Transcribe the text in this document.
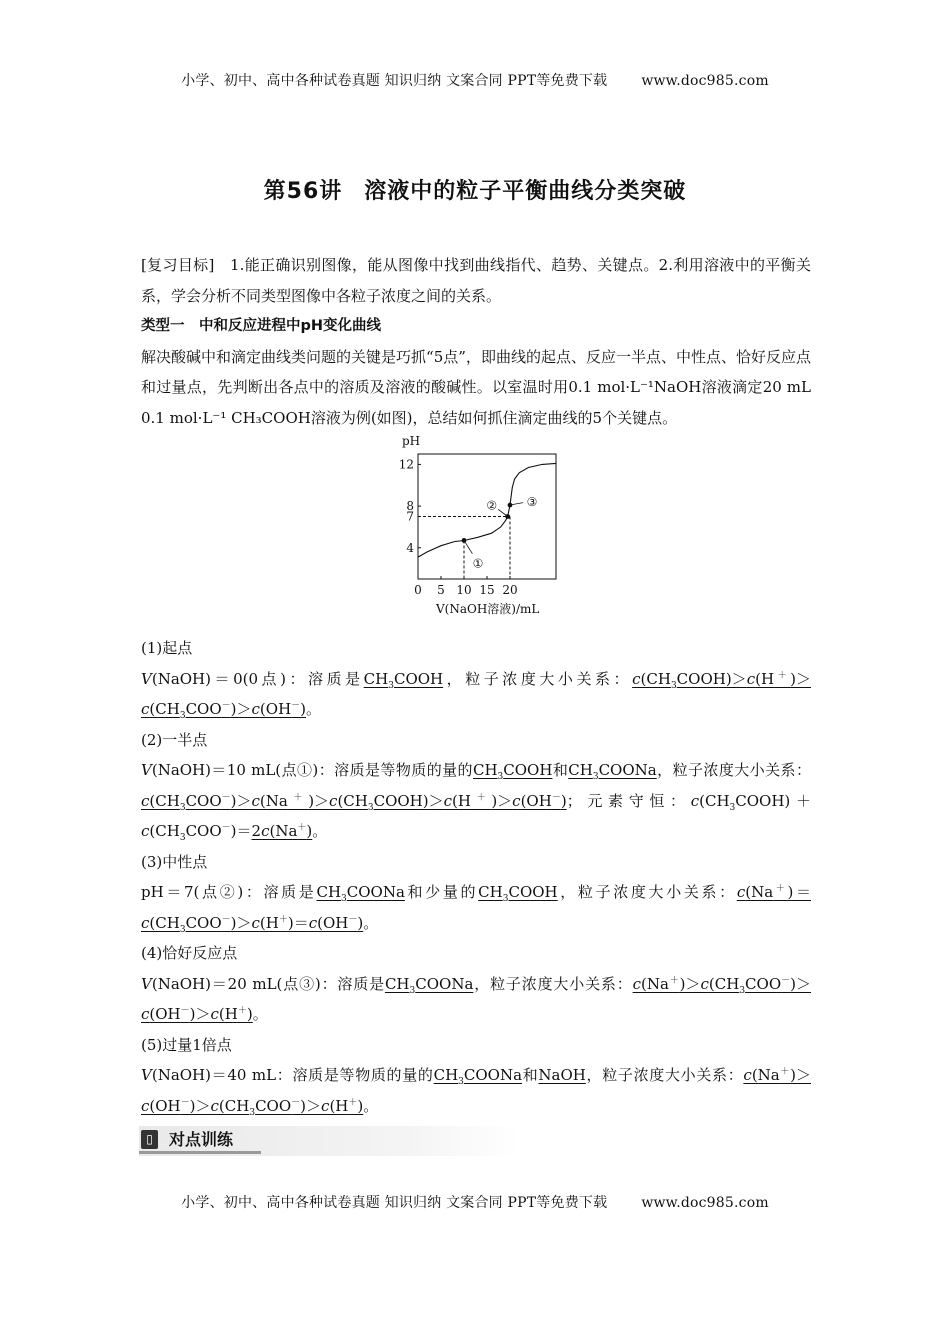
小学、初中、高中各种试卷真题 知识归纳 文案合同 PPT等免费下载 www.doc985.com
第56讲 溶液中的粒子平衡曲线分类突破

[复习目标]　 1.能正确识别图像，能从图像中找到曲线指代、趋势、关键点。2.利用溶液中的平衡关系，学会分析不同类型图像中各粒子浓度之间的关系。

类型一　中和反应进程中pH变化曲线

解决酸碱中和滴定曲线类问题的关键是巧抓“5点”，即曲线的起点、反应一半点、中性点、恰好反应点和过量点，先判断出各点中的溶质及溶液的酸碱性。以室温时用0.1 mol·L⁻¹NaOH溶液滴定20 mL 0.1 mol·L⁻¹ CH₃COOH溶液为例(如图)，总结如何抓住滴定曲线的5个关键点。

0 5 10 15 20
4
7
8
12
①
② ③
pH
V(NaOH溶液)/mL

(1)起点

V(NaOH)＝0(0点)：溶质是$CH_3COOH$，粒子浓度大小关系：$c(CH_3COOH)>c(H^+)>c(CH_3COO^-)>c(OH^-)$。

(2)一半点

V(NaOH)＝10 mL(点①)：溶质是等物质的量的$CH_3COOH$和$CH_3COONa$，粒子浓度大小关系：$c(CH_3COO^-)>c(Na^+)>c(CH_3COOH)>c(H^+)>c(OH^-)$；元素守恒：$c(CH_3COOH)+c(CH_3COO^-)=2c(Na^+)$。

(3)中性点

pH＝7(点②)：溶质是$CH_3COONa$和少量的$CH_3COOH$，粒子浓度大小关系：$c(Na^+)=c(CH_3COO^-)>c(H^+)=c(OH^-)$。

(4)恰好反应点

V(NaOH)＝20 mL(点③)：溶质是$CH_3COONa$，粒子浓度大小关系：$c(Na^+)>c(CH_3COO^-)>c(OH^-)>c(H^+)$。

(5)过量1倍点

V(NaOH)＝40 mL：溶质是等物质的量的$CH_3COONa$和NaOH，粒子浓度大小关系：$c(Na^+)>c(OH^-)>c(CH_3COO^-)>c(H^+)$。

▯	对点训练
小学、初中、高中各种试卷真题 知识归纳 文案合同 PPT等免费下载 www.doc985.com
